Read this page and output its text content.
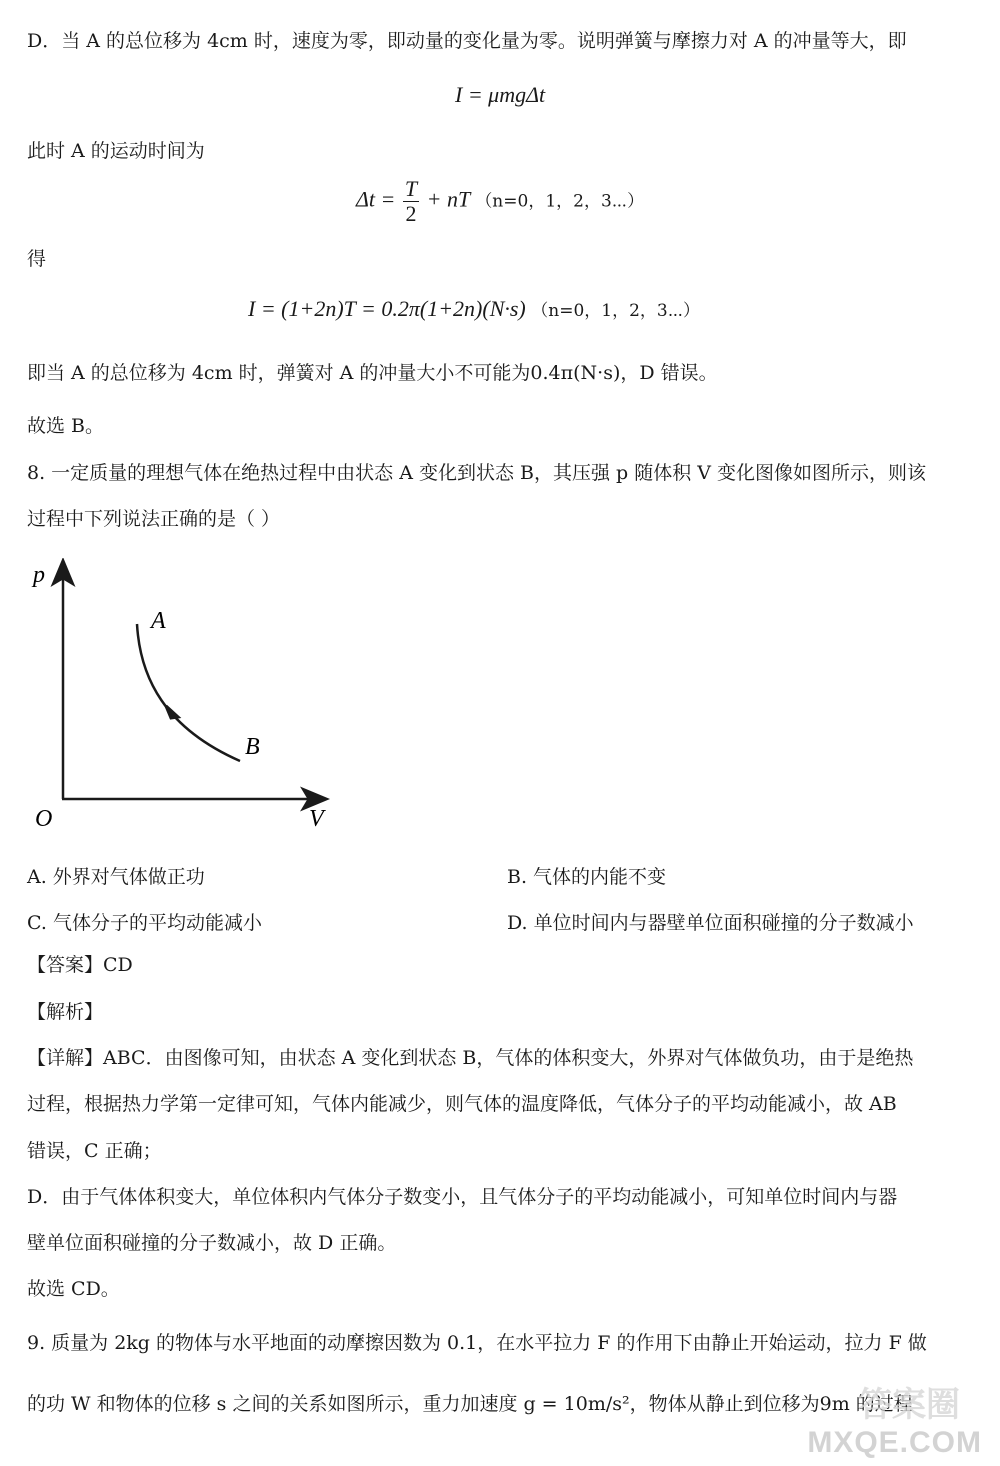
D．当 A 的总位移为 4cm 时，速度为零，即动量的变化量为零。说明弹簧与摩擦力对 A 的冲量等大，即
I = μmgΔt
此时 A 的运动时间为
$\Delta t = \frac{T}{2}$ + nT （n=0，1，2，3⋯）
得
I = (1+2n)T = 0.2π(1+2n)(N·s) （n=0，1，2，3⋯）
即当 A 的总位移为 4cm 时，弹簧对 A 的冲量大小不可能为0.4π(N·s)，D 错误。
故选 B。
8. 一定质量的理想气体在绝热过程中由状态 A 变化到状态 B，其压强 p 随体积 V 变化图像如图所示，则该
过程中下列说法正确的是（ ）
p
V
O
A
B
A. 外界对气体做正功	B. 气体的内能不变
C. 气体分子的平均动能减小	D. 单位时间内与器壁单位面积碰撞的分子数减小
【答案】CD
【解析】
【详解】ABC．由图像可知，由状态 A 变化到状态 B，气体的体积变大，外界对气体做负功，由于是绝热
过程，根据热力学第一定律可知，气体内能减少，则气体的温度降低，气体分子的平均动能减小，故 AB
错误，C 正确；
D．由于气体体积变大，单位体积内气体分子数变小，且气体分子的平均动能减小，可知单位时间内与器
壁单位面积碰撞的分子数减小，故 D 正确。
故选 CD。
9. 质量为 2kg 的物体与水平地面的动摩擦因数为 0.1，在水平拉力 F 的作用下由静止开始运动，拉力 F 做
的功 W 和物体的位移 s 之间的关系如图所示，重力加速度 g = 10m/s²，物体从静止到位移为9m 的过程
答案圈
MXQE.COM
